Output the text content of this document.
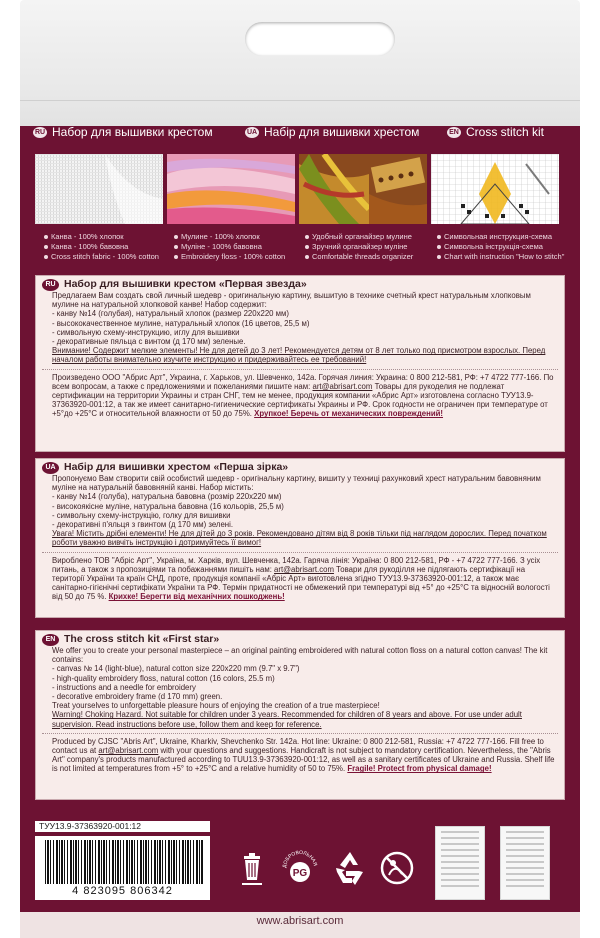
www.abrisart.com
RU Набор для вышивки крестом	UA Набір для вишивки хрестом	EN Cross stitch kit
Канва - 100% хлопок
Канва - 100% бавовна
Cross stitch fabric - 100% cotton
Мулине - 100% хлопок
Муліне - 100% бавовна
Embroidery floss - 100% cotton
Удобный органайзер мулине
Зручний органайзер муліне
Comfortable threads organizer
Символьная инструкция-схема
Символьна інструкція-схема
Chart with instruction "How to stitch"
RU Набор для вышивки крестом «Первая звезда»
Предлагаем Вам создать свой личный шедевр - оригинальную картину, вышитую в технике счетный крест натуральным хлопковым мулине на натуральной хлопковой канве! Набор содержит:
- канву №14 (голубая), натуральный хлопок (размер 220х220 мм)
- высококачественное мулине, натуральный хлопок (16 цветов, 25,5 м)
- символьную схему-инструкцию, иглу для вышивки
- декоративные пяльца с винтом (д 170 мм) зеленые.
Внимание! Содержит мелкие элементы! Не для детей до 3 лет! Рекомендуется детям от 8 лет только под присмотром взрослых. Перед началом работы внимательно изучите инструкцию и придерживайтесь ее требований!
Произведено ООО "Абрис Арт", Украина, г. Харьков, ул. Шевченко, 142а. Горячая линия: Украина: 0 800 212-581, РФ: +7 4722 777-166. По всем вопросам, а также с предложениями и пожеланиями пишите нам: art@abrisart.com Товары для рукоделия не подлежат сертификации на территории Украины и стран СНГ, тем не менее, продукция компании «Абрис Арт» изготовлена согласно ТУУ13.9-37363920-001:12, а так же имеет санитарно-гигиенические сертификаты Украины и РФ. Срок годности не ограничен при температуре от +5°до +25°С и относительной влажности от 50 до 75%. Хрупкое! Беречь от механических повреждений!
UA Набір для вишивки хрестом «Перша зірка»
Пропонуємо Вам створити свій особистий шедевр - оригінальну картину, вишиту у техниці рахунковий хрест натуральним бавовняним муліне на натуральній бавовняній канві. Набор містить:
- канву №14 (голуба), натуральна бавовна (розмір 220х220 мм)
- високоякісне муліне, натуральна бавовна (16 кольорів, 25,5 м)
- символьну схему-інструкцію, голку для вишивки
- декоративні п'яльця з гвинтом (д 170 мм) зелені.
Увага! Містить дрібні елементи! Не для дітей до 3 років. Рекомендовано дітям від 8 років тільки під наглядом дорослих. Перед початком роботи уважно вивчіть інструкцію і дотримуйтесь її вимог!
Вироблено ТОВ "Абріс Арт", Україна, м. Харків, вул. Шевченка, 142а. Гаряча лінія: Україна: 0 800 212-581, РФ - +7 4722 777-166. З усіх питань, а також з пропозиціями та побажаннями пишіть нам: art@abrisart.com Товари для рукоділля не підлягають сертифікації на території України та країн СНД, проте, продукція компанії «Абріс Арт» виготовлена згідно ТУУ13.9-37363920-001:12, а також має санітарно-гігієнічні сертифікати України та РФ. Термін придатності не обмежений при температурі від +5° до +25°С та відносній вологості від 50 до 75 %. Крихке! Берегти від механічних пошкоджень!
EN The cross stitch kit «First star»
We offer you to create your personal masterpiece – an original painting embroidered with natural cotton floss on a natural cotton canvas! The kit contains:
- canvas № 14 (light-blue), natural cotton size 220x220 mm (9.7" x 9.7")
- high-quality embroidery floss, natural cotton (16 colors, 25.5 m)
- instructions and a needle for embroidery
- decorative embroidery frame (d 170 mm) green.
Treat yourselves to unforgettable pleasure hours of enjoying the creation of a true masterpiece!
Warning! Choking Hazard. Not suitable for children under 3 years. Recommended for children of 8 years and above. For use under adult supervision. Read instructions before use, follow them and keep for reference.
Produced by CJSC "Abris Art", Ukraine, Kharkiv, Shevchenko Str. 142a. Hot line: Ukraine: 0 800 212-581, Russia: +7 4722 777-166. Fill free to contact us at art@abrisart.com with your questions and suggestions. Handicraft is not subject to mandatory certification. Nevertheless, the "Abris Art" company's products manufactured according to TUU13.9-37363920-001:12, as well as a sanitary certificates of Ukraine and Russia. Shelf life is not limited at temperatures from +5° to +25°C and a relative humidity of 50 to 75%. Fragile! Protect from physical damage!
ТУУ13.9-37363920-001:12
4 823095 806342
ДОБРОВОЛЬНАЯ
PG
